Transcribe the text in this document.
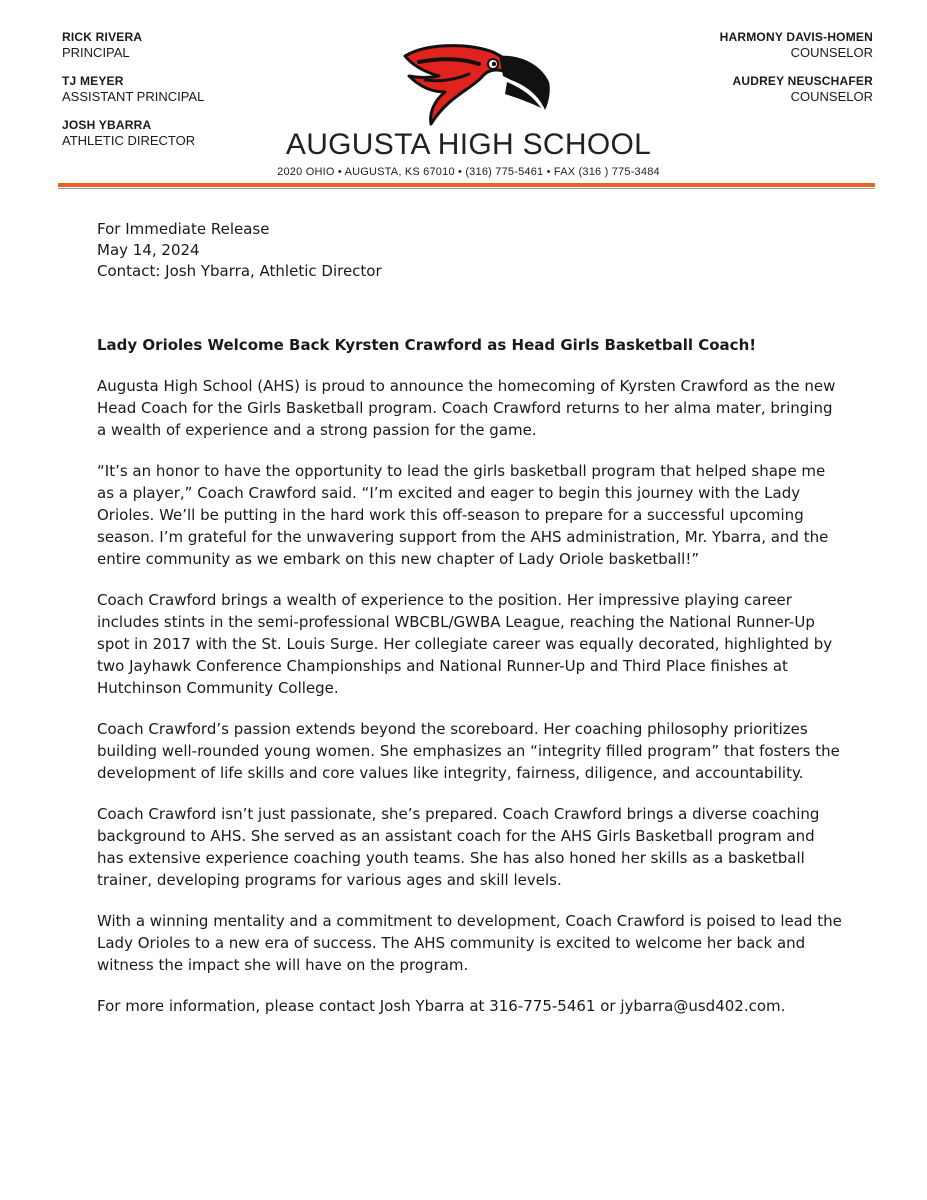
RICK RIVERA
PRINCIPAL
TJ MEYER
ASSISTANT PRINCIPAL
JOSH YBARRA
ATHLETIC DIRECTOR
HARMONY DAVIS-HOMEN
COUNSELOR
AUDREY NEUSCHAFER
COUNSELOR
AUGUSTA HIGH SCHOOL
2020 OHIO • AUGUSTA, KS 67010 • (316) 775-5461 • FAX (316 ) 775-3484
For Immediate Release
May 14, 2024
Contact: Josh Ybarra, Athletic Director
Lady Orioles Welcome Back Kyrsten Crawford as Head Girls Basketball Coach!
Augusta High School (AHS) is proud to announce the homecoming of Kyrsten Crawford as the new Head Coach for the Girls Basketball program. Coach Crawford returns to her alma mater, bringing a wealth of experience and a strong passion for the game.
“It’s an honor to have the opportunity to lead the girls basketball program that helped shape me as a player,” Coach Crawford said. “I’m excited and eager to begin this journey with the Lady Orioles. We’ll be putting in the hard work this off-season to prepare for a successful upcoming season. I’m grateful for the unwavering support from the AHS administration, Mr. Ybarra, and the entire community as we embark on this new chapter of Lady Oriole basketball!”
Coach Crawford brings a wealth of experience to the position. Her impressive playing career includes stints in the semi-professional WBCBL/GWBA League, reaching the National Runner-Up spot in 2017 with the St. Louis Surge. Her collegiate career was equally decorated, highlighted by two Jayhawk Conference Championships and National Runner-Up and Third Place finishes at Hutchinson Community College.
Coach Crawford’s passion extends beyond the scoreboard. Her coaching philosophy prioritizes building well-rounded young women. She emphasizes an “integrity filled program” that fosters the development of life skills and core values like integrity, fairness, diligence, and accountability.
Coach Crawford isn’t just passionate, she’s prepared. Coach Crawford brings a diverse coaching background to AHS. She served as an assistant coach for the AHS Girls Basketball program and has extensive experience coaching youth teams. She has also honed her skills as a basketball trainer, developing programs for various ages and skill levels.
With a winning mentality and a commitment to development, Coach Crawford is poised to lead the Lady Orioles to a new era of success. The AHS community is excited to welcome her back and witness the impact she will have on the program.
For more information, please contact Josh Ybarra at 316-775-5461 or jybarra@usd402.com.
